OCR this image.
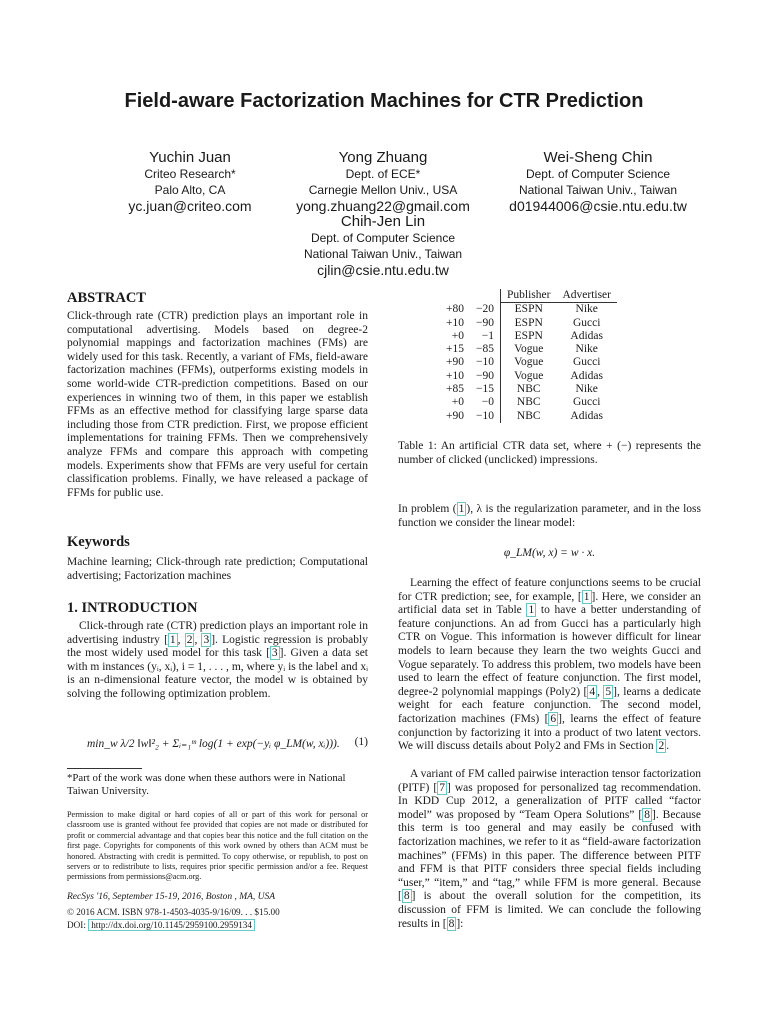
Field-aware Factorization Machines for CTR Prediction
Yuchin Juan
Criteo Research*
Palo Alto, CA
yc.juan@criteo.com
Yong Zhuang
Dept. of ECE*
Carnegie Mellon Univ., USA
yong.zhuang22@gmail.com
Wei-Sheng Chin
Dept. of Computer Science
National Taiwan Univ., Taiwan
d01944006@csie.ntu.edu.tw
Chih-Jen Lin
Dept. of Computer Science
National Taiwan Univ., Taiwan
cjlin@csie.ntu.edu.tw
ABSTRACT
Click-through rate (CTR) prediction plays an important role in computational advertising. Models based on degree-2 polynomial mappings and factorization machines (FMs) are widely used for this task. Recently, a variant of FMs, field-aware factorization machines (FFMs), outperforms existing models in some world-wide CTR-prediction competitions. Based on our experiences in winning two of them, in this paper we establish FFMs as an effective method for classifying large sparse data including those from CTR prediction. First, we propose efficient implementations for training FFMs. Then we comprehensively analyze FFMs and compare this approach with competing models. Experiments show that FFMs are very useful for certain classification problems. Finally, we have released a package of FFMs for public use.
Keywords
Machine learning; Click-through rate prediction; Computational advertising; Factorization machines
1. INTRODUCTION
Click-through rate (CTR) prediction plays an important role in advertising industry [ 1 , 2 , 3 ]. Logistic regression is probably the most widely used model for this task [ 3 ]. Given a data set with m instances (yᵢ, xᵢ), i = 1, . . . , m, where yᵢ is the label and xᵢ is an n-dimensional feature vector, the model w is obtained by solving the following optimization problem.
min_w λ/2 ‖w‖²₂ + Σᵢ₌₁ᵐ log(1 + exp(−yᵢ φ_LM(w, xᵢ))). (1)
*Part of the work was done when these authors were in National Taiwan University.
Permission to make digital or hard copies of all or part of this work for personal or classroom use is granted without fee provided that copies are not made or distributed for profit or commercial advantage and that copies bear this notice and the full citation on the first page. Copyrights for components of this work owned by others than ACM must be honored. Abstracting with credit is permitted. To copy otherwise, or republish, to post on servers or to redistribute to lists, requires prior specific permission and/or a fee. Request permissions from permissions@acm.org.
RecSys '16, September 15-19, 2016, Boston , MA, USA
© 2016 ACM. ISBN 978-1-4503-4035-9/16/09. . . $15.00
DOI: http://dx.doi.org/10.1145/2959100.2959134
		Publisher	Advertiser
+80	−20	ESPN	Nike
+10	−90	ESPN	Gucci
+0	−1	ESPN	Adidas
+15	−85	Vogue	Nike
+90	−10	Vogue	Gucci
+10	−90	Vogue	Adidas
+85	−15	NBC	Nike
+0	−0	NBC	Gucci
+90	−10	NBC	Adidas
Table 1: An artificial CTR data set, where + (−) represents the number of clicked (unclicked) impressions.
In problem ( 1 ), λ is the regularization parameter, and in the loss function we consider the linear model:
φ_LM(w, x) = w · x.
Learning the effect of feature conjunctions seems to be crucial for CTR prediction; see, for example, [ 1 ]. Here, we consider an artificial data set in Table 1 to have a better understanding of feature conjunctions. An ad from Gucci has a particularly high CTR on Vogue. This information is however difficult for linear models to learn because they learn the two weights Gucci and Vogue separately. To address this problem, two models have been used to learn the effect of feature conjunction. The first model, degree-2 polynomial mappings (Poly2) [ 4 , 5 ], learns a dedicate weight for each feature conjunction. The second model, factorization machines (FMs) [ 6 ], learns the effect of feature conjunction by factorizing it into a product of two latent vectors. We will discuss details about Poly2 and FMs in Section 2 .
A variant of FM called pairwise interaction tensor factorization (PITF) [ 7 ] was proposed for personalized tag recommendation. In KDD Cup 2012, a generalization of PITF called “factor model” was proposed by “Team Opera Solutions” [ 8 ]. Because this term is too general and may easily be confused with factorization machines, we refer to it as “field-aware factorization machines” (FFMs) in this paper. The difference between PITF and FFM is that PITF considers three special fields including “user,” “item,” and “tag,” while FFM is more general. Because [ 8 ] is about the overall solution for the competition, its discussion of FFM is limited. We can conclude the following results in [ 8 ]:
